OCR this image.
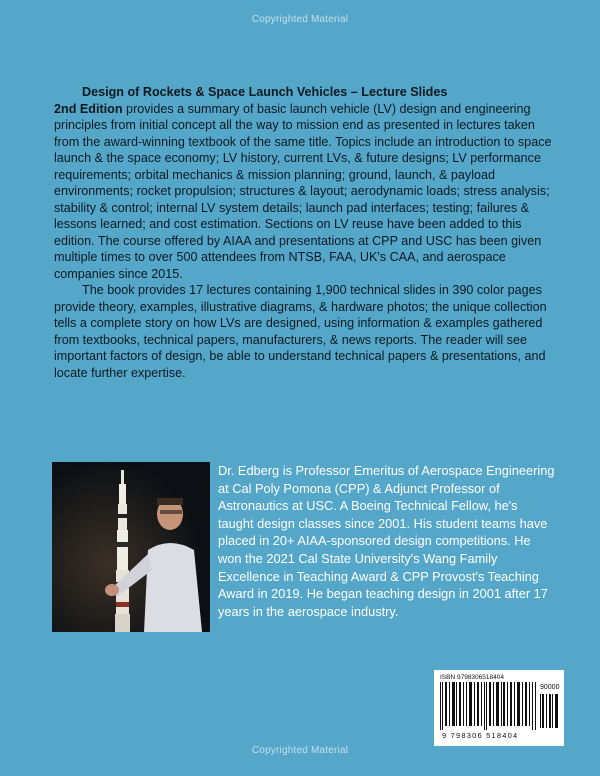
Copyrighted Material

Design of Rockets & Space Launch Vehicles – Lecture Slides
2nd Edition provides a summary of basic launch vehicle (LV) design and engineering principles from initial concept all the way to mission end as presented in lectures taken from the award-winning textbook of the same title. Topics include an introduction to space launch & the space economy; LV history, current LVs, & future designs; LV performance requirements; orbital mechanics & mission planning; ground, launch, & payload environments; rocket propulsion; structures & layout; aerodynamic loads; stress analysis; stability & control; internal LV system details; launch pad interfaces; testing; failures & lessons learned; and cost estimation. Sections on LV reuse have been added to this edition. The course offered by AIAA and presentations at CPP and USC has been given multiple times to over 500 attendees from NTSB, FAA, UK's CAA, and aerospace companies since 2015.

The book provides 17 lectures containing 1,900 technical slides in 390 color pages provide theory, examples, illustrative diagrams, & hardware photos; the unique collection tells a complete story on how LVs are designed, using information & examples gathered from textbooks, technical papers, manufacturers, & news reports. The reader will see important factors of design, be able to understand technical papers & presentations, and locate further expertise.

Dr. Edberg is Professor Emeritus of Aerospace Engineering at Cal Poly Pomona (CPP) & Adjunct Professor of Astronautics at USC. A Boeing Technical Fellow, he's taught design classes since 2001. His student teams have placed in 20+ AIAA-sponsored design competitions. He won the 2021 Cal State University's Wang Family Excellence in Teaching Award & CPP Provost's Teaching Award in 2019. He began teaching design in 2001 after 17 years in the aerospace industry.

ISBN 9798306518404
90000
9 798306 518404
Copyrighted Material
